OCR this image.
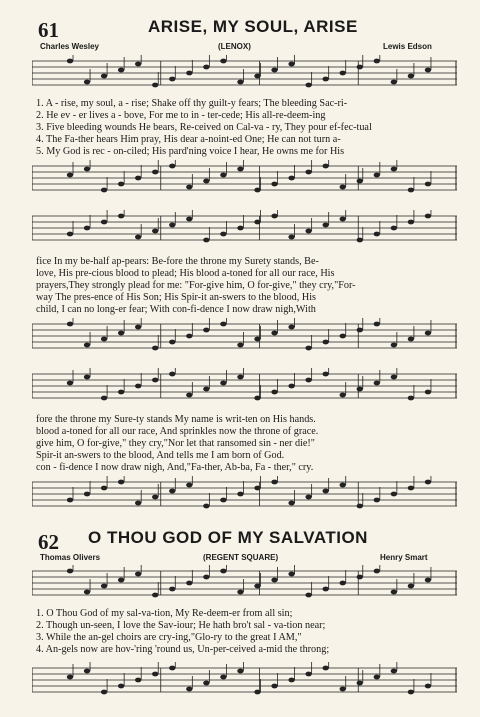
61	ARISE, MY SOUL, ARISE
Charles Wesley	(LENOX)	Lewis Edson
1. A - rise, my soul, a - rise; Shake off thy guilt-y fears; The bleeding Sac-ri-
2. He ev - er lives a - bove, For me to in - ter-cede; His all-re-deem-ing
3. Five bleeding wounds He bears, Re-ceived on Cal-va - ry, They pour ef-fec-tual
4. The Fa-ther hears Him pray, His dear a-noint-ed One; He can not turn a-
5. My God is rec - on-ciled; His pard'ning voice I hear, He owns me for His
fice In my be-half ap-pears: Be-fore the throne my Surety stands, Be-
love, His pre-cious blood to plead; His blood a-toned for all our race, His
prayers,They strongly plead for me: "For-give him, O for-give," they cry,"For-
way The pres-ence of His Son; His Spir-it an-swers to the blood, His
child, I can no long-er fear; With con-fi-dence I now draw nigh,With
fore the throne my Sure-ty stands My name is writ-ten on His hands.
blood a-toned for all our race, And sprinkles now the throne of grace.
give him, O for-give," they cry,"Nor let that ransomed sin - ner die!"
Spir-it an-swers to the blood, And tells me I am born of God.
con - fi-dence I now draw nigh, And,"Fa-ther, Ab-ba, Fa - ther," cry.
62 O THOU GOD OF MY SALVATION
Thomas Olivers	(REGENT SQUARE)	Henry Smart
1. O Thou God of my sal-va-tion, My Re-deem-er from all sin;
2. Though un-seen, I love the Sav-iour; He hath bro't sal - va-tion near;
3. While the an-gel choirs are cry-ing,"Glo-ry to the great I AM,"
4. An-gels now are hov-'ring 'round us, Un-per-ceived a-mid the throng;
